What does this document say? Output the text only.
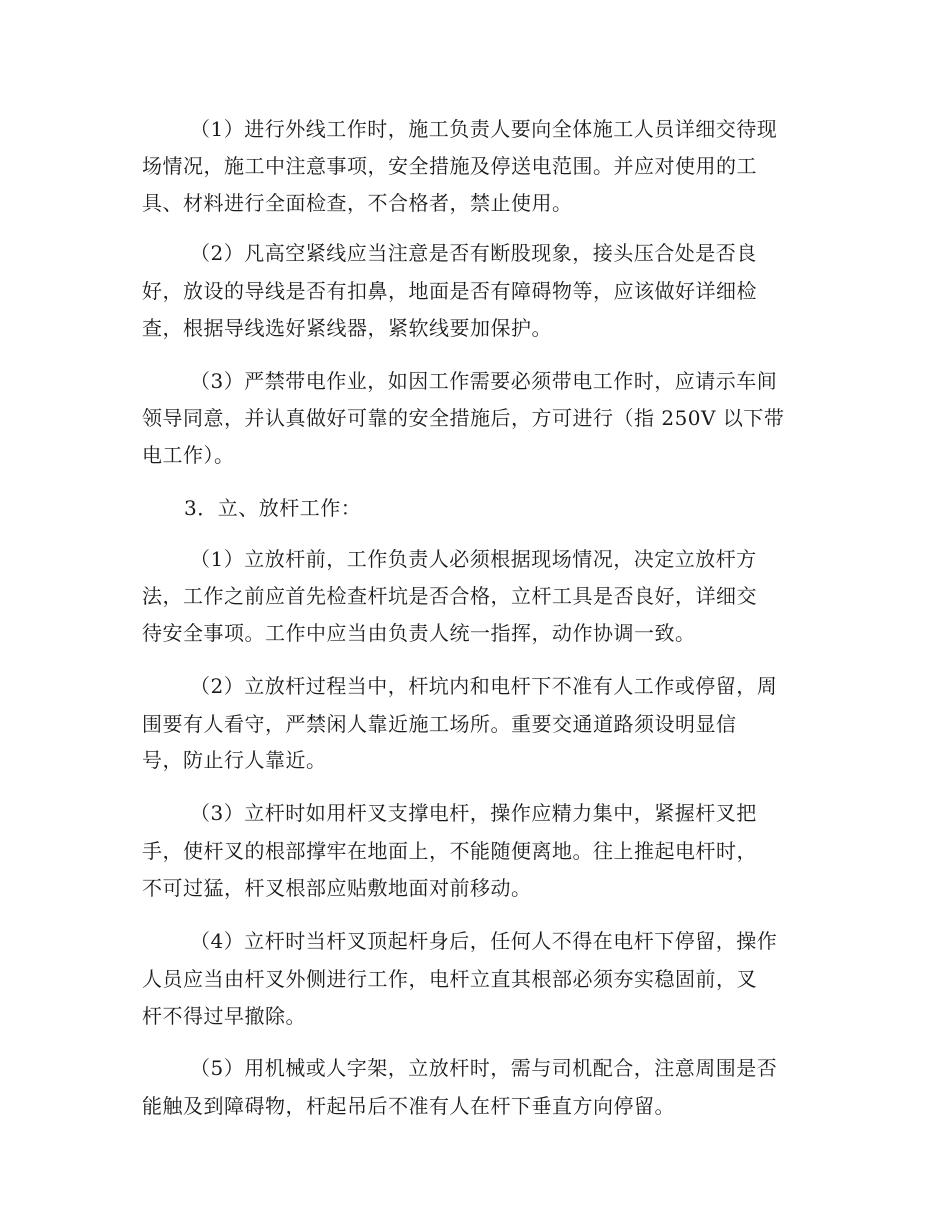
（1）进行外线工作时，施工负责人要向全体施工人员详细交待现
场情况，施工中注意事项，安全措施及停送电范围。并应对使用的工
具、材料进行全面检查，不合格者，禁止使用。
（2）凡高空紧线应当注意是否有断股现象，接头压合处是否良
好，放设的导线是否有扣鼻，地面是否有障碍物等，应该做好详细检
查，根据导线选好紧线器，紧软线要加保护。
（3）严禁带电作业，如因工作需要必须带电工作时，应请示车间
领导同意，并认真做好可靠的安全措施后，方可进行（指 250V 以下带
电工作）。
3．立、放杆工作：
（1）立放杆前，工作负责人必须根据现场情况，决定立放杆方
法，工作之前应首先检查杆坑是否合格，立杆工具是否良好，详细交
待安全事项。工作中应当由负责人统一指挥，动作协调一致。
（2）立放杆过程当中，杆坑内和电杆下不准有人工作或停留，周
围要有人看守，严禁闲人靠近施工场所。重要交通道路须设明显信
号，防止行人靠近。
（3）立杆时如用杆叉支撑电杆，操作应精力集中，紧握杆叉把
手，使杆叉的根部撑牢在地面上，不能随便离地。往上推起电杆时，
不可过猛，杆叉根部应贴敷地面对前移动。
（4）立杆时当杆叉顶起杆身后，任何人不得在电杆下停留，操作
人员应当由杆叉外侧进行工作，电杆立直其根部必须夯实稳固前，叉
杆不得过早撤除。
（5）用机械或人字架，立放杆时，需与司机配合，注意周围是否
能触及到障碍物，杆起吊后不准有人在杆下垂直方向停留。
